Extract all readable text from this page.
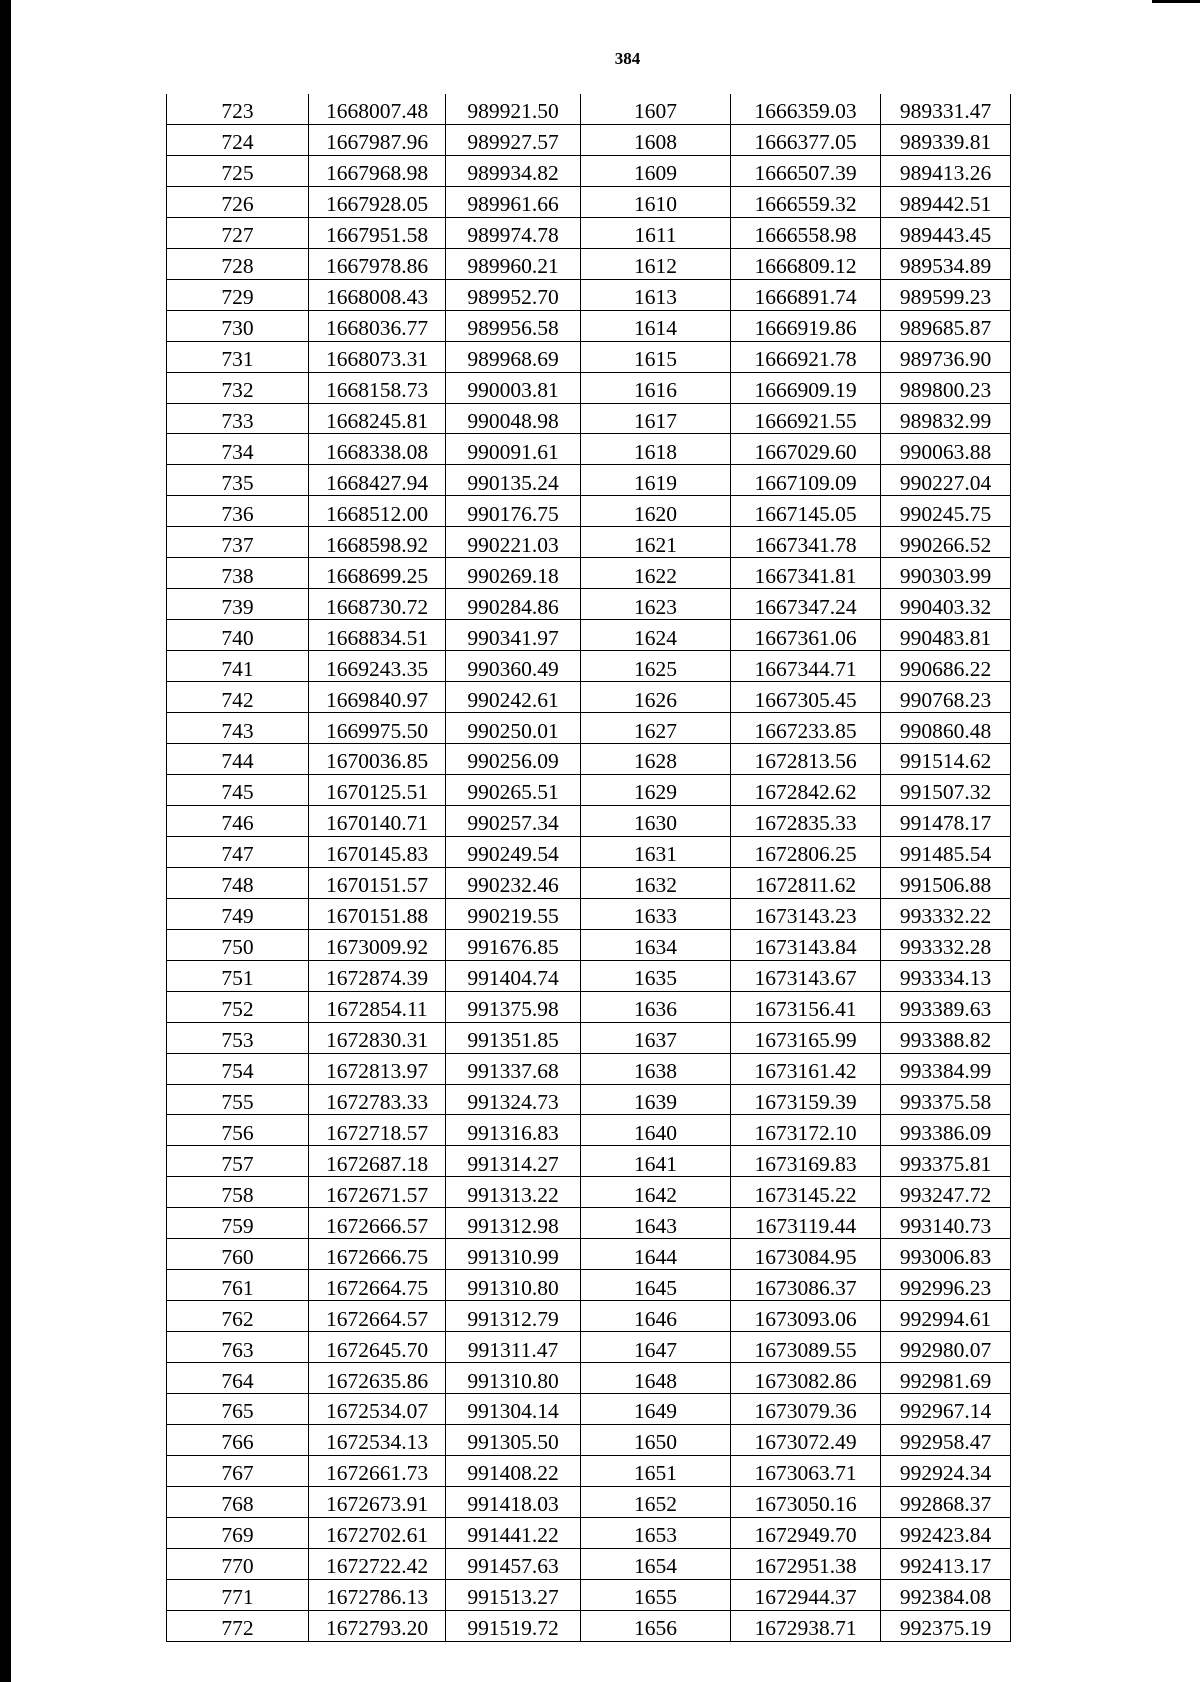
384
723	1668007.48	989921.50	1607	1666359.03	989331.47
724	1667987.96	989927.57	1608	1666377.05	989339.81
725	1667968.98	989934.82	1609	1666507.39	989413.26
726	1667928.05	989961.66	1610	1666559.32	989442.51
727	1667951.58	989974.78	1611	1666558.98	989443.45
728	1667978.86	989960.21	1612	1666809.12	989534.89
729	1668008.43	989952.70	1613	1666891.74	989599.23
730	1668036.77	989956.58	1614	1666919.86	989685.87
731	1668073.31	989968.69	1615	1666921.78	989736.90
732	1668158.73	990003.81	1616	1666909.19	989800.23
733	1668245.81	990048.98	1617	1666921.55	989832.99
734	1668338.08	990091.61	1618	1667029.60	990063.88
735	1668427.94	990135.24	1619	1667109.09	990227.04
736	1668512.00	990176.75	1620	1667145.05	990245.75
737	1668598.92	990221.03	1621	1667341.78	990266.52
738	1668699.25	990269.18	1622	1667341.81	990303.99
739	1668730.72	990284.86	1623	1667347.24	990403.32
740	1668834.51	990341.97	1624	1667361.06	990483.81
741	1669243.35	990360.49	1625	1667344.71	990686.22
742	1669840.97	990242.61	1626	1667305.45	990768.23
743	1669975.50	990250.01	1627	1667233.85	990860.48
744	1670036.85	990256.09	1628	1672813.56	991514.62
745	1670125.51	990265.51	1629	1672842.62	991507.32
746	1670140.71	990257.34	1630	1672835.33	991478.17
747	1670145.83	990249.54	1631	1672806.25	991485.54
748	1670151.57	990232.46	1632	1672811.62	991506.88
749	1670151.88	990219.55	1633	1673143.23	993332.22
750	1673009.92	991676.85	1634	1673143.84	993332.28
751	1672874.39	991404.74	1635	1673143.67	993334.13
752	1672854.11	991375.98	1636	1673156.41	993389.63
753	1672830.31	991351.85	1637	1673165.99	993388.82
754	1672813.97	991337.68	1638	1673161.42	993384.99
755	1672783.33	991324.73	1639	1673159.39	993375.58
756	1672718.57	991316.83	1640	1673172.10	993386.09
757	1672687.18	991314.27	1641	1673169.83	993375.81
758	1672671.57	991313.22	1642	1673145.22	993247.72
759	1672666.57	991312.98	1643	1673119.44	993140.73
760	1672666.75	991310.99	1644	1673084.95	993006.83
761	1672664.75	991310.80	1645	1673086.37	992996.23
762	1672664.57	991312.79	1646	1673093.06	992994.61
763	1672645.70	991311.47	1647	1673089.55	992980.07
764	1672635.86	991310.80	1648	1673082.86	992981.69
765	1672534.07	991304.14	1649	1673079.36	992967.14
766	1672534.13	991305.50	1650	1673072.49	992958.47
767	1672661.73	991408.22	1651	1673063.71	992924.34
768	1672673.91	991418.03	1652	1673050.16	992868.37
769	1672702.61	991441.22	1653	1672949.70	992423.84
770	1672722.42	991457.63	1654	1672951.38	992413.17
771	1672786.13	991513.27	1655	1672944.37	992384.08
772	1672793.20	991519.72	1656	1672938.71	992375.19
